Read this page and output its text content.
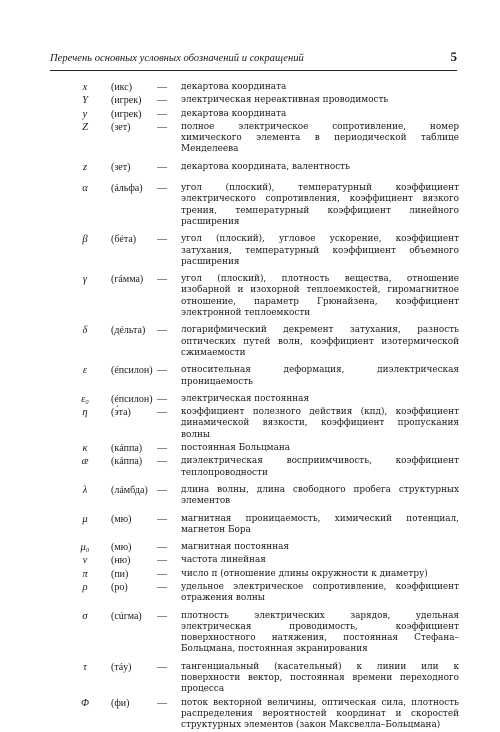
Перечень основных условных обозначений и сокращений	5
x	(икс)	— декартова координата
Y	(игрек)	— электрическая нереактивная проводимость
y	(игрек)	— декартова координата
Z	(зет)	— полное электрическое сопротивление, номер химического элемента в периодической таблице Менделеева
z	(зет)	— декартова координата, валентность
α	(áльфа)	— угол (плоский), температурный коэффициент электрического сопротивления, коэффициент вязкого трения, температурный коэффициент линейного расширения
β	(бéта)	— угол (плоский), угловое ускорение, коэффициент затухания, температурный коэффициент объемного расширения
γ	(гáмма)	— угол (плоский), плотность вещества, отношение изобарной и изохорной теплоемкостей, гиромагнитное отношение, параметр Грюнайзена, коэффициент электронной теплоемкости
δ	(дéльта)	— логарифмический декремент затухания, разность оптических путей волн, коэффициент изотермической сжимаемости
ε	(éпсилон) — относительная деформация, диэлектрическая проницаемость
ε₀	(éпсилон) — электрическая постоянная
η	(э́та)	— коэффициент полезного действия (кпд), коэффициент динамической вязкости, коэффициент пропускания волны
κ	(кáппа)	— постоянная Больцмана
æ	(кáппа)	— диэлектрическая восприимчивость, коэффициент теплопроводности
λ	(лáмбда) — длина волны, длина свободного пробега структурных элементов
μ	(мю)	— магнитная проницаемость, химический потенциал, магнетон Бора
μ₀	(мю)	— магнитная постоянная
ν	(ню)	— частота линейная
π	(пи)	— число π (отношение длины окружности к диаметру)
ρ	(ро)	— удельное электрическое сопротивление, коэффициент отражения волны
σ	(сúгма)	— плотность электрических зарядов, удельная электрическая проводимость, коэффициент поверхностного натяжения, постоянная Стефана–Больцмана, постоянная экранирования
τ	(тáу)	— тангенциальный (касательный) к линии или к поверхности вектор, постоянная времени переходного процесса
Φ	(фи)	— поток векторной величины, оптическая сила, плотность распределения вероятностей координат и скоростей структурных элементов (закон Максвелла–Больцмана)
